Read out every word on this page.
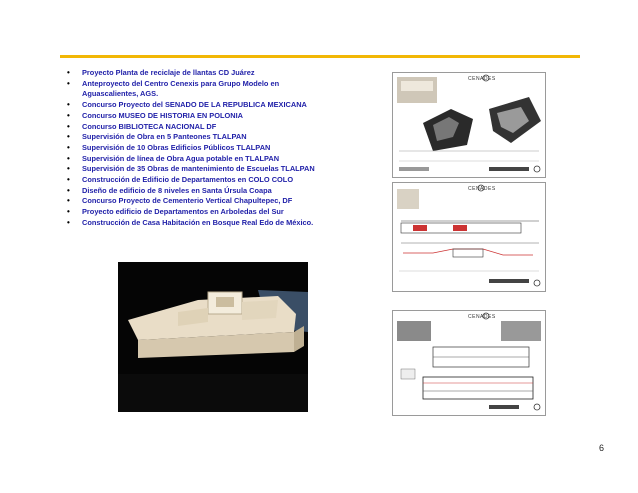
• Proyecto Planta de reciclaje de llantas CD Juárez
• Anteproyecto del Centro Cenexis para Grupo Modelo en
Aguascalientes, AGS.
• Concurso Proyecto del SENADO DE LA REPUBLICA MEXICANA
• Concurso MUSEO DE HISTORIA EN POLONIA
• Concurso BIBLIOTECA NACIONAL DF
• Supervisión de Obra en 5 Panteones TLALPAN
• Supervisión de 10 Obras Edificios Públicos TLALPAN
• Supervisión de línea de Obra Agua potable en TLALPAN
• Supervisión de 35 Obras de mantenimiento de Escuelas TLALPAN
• Construcción de Edificio de Departamentos en COLO COLO
• Diseño de edificio de 8 niveles en Santa Úrsula Coapa
• Concurso Proyecto de Cementerio Vertical Chapultepec, DF
• Proyecto edificio de Departamentos en Arboledas del Sur
• Construcción de Casa Habitación en Bosque Real Edo de México.
CENADES
CENADES
CENADES
6
